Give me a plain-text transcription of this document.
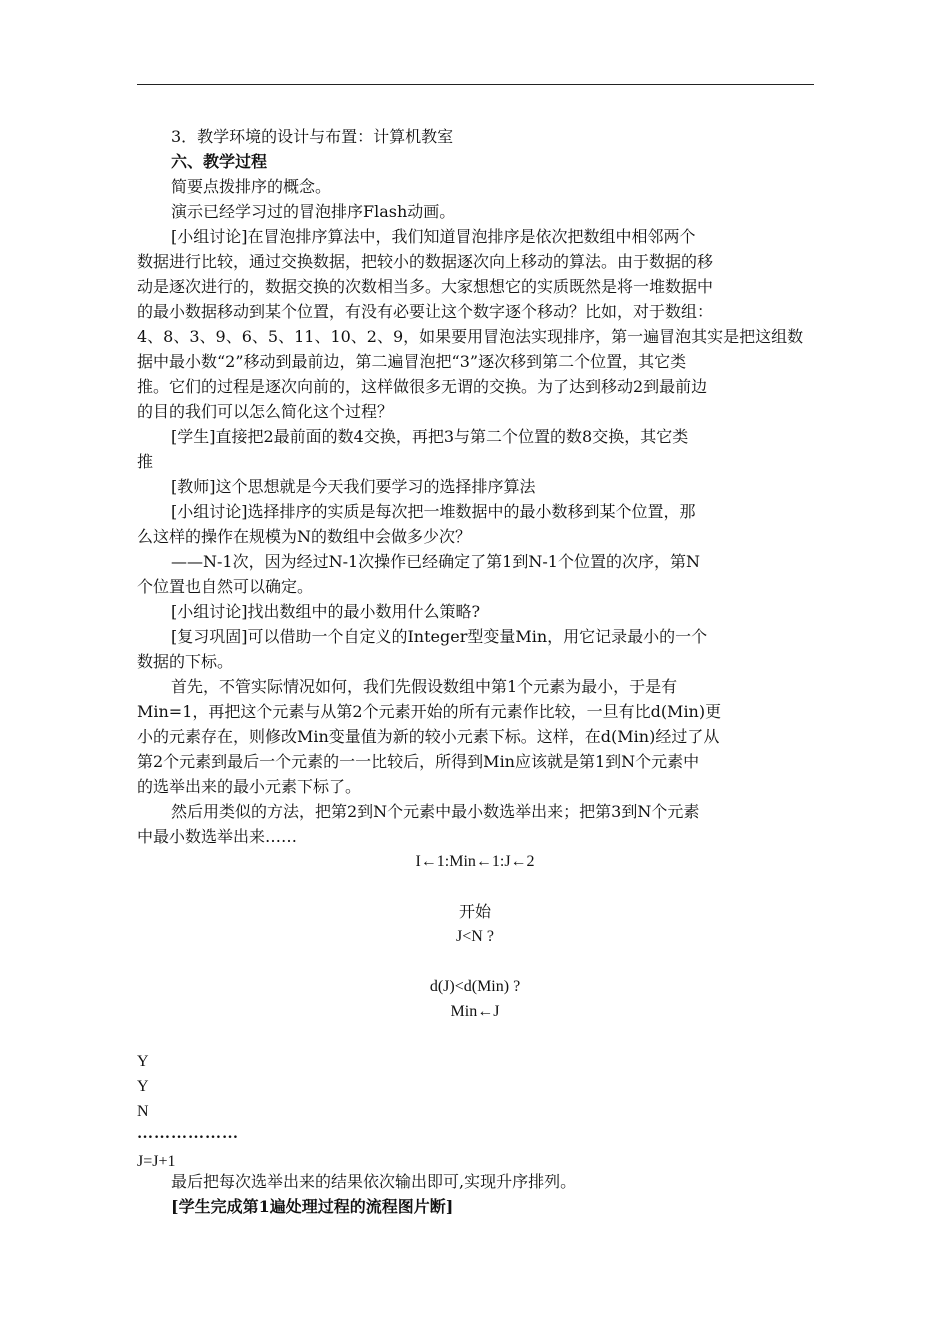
3．教学环境的设计与布置：计算机教室
六、教学过程
简要点拨排序的概念。
演示已经学习过的冒泡排序Flash动画。
[小组讨论]在冒泡排序算法中，我们知道冒泡排序是依次把数组中相邻两个
数据进行比较，通过交换数据，把较小的数据逐次向上移动的算法。由于数据的移
动是逐次进行的，数据交换的次数相当多。大家想想它的实质既然是将一堆数据中
的最小数据移动到某个位置，有没有必要让这个数字逐个移动？比如，对于数组：
4、8、3、9、6、5、11、10、2、9，如果要用冒泡法实现排序，第一遍冒泡其实是把这组数
据中最小数“2”移动到最前边，第二遍冒泡把“3”逐次移到第二个位置，其它类
推。它们的过程是逐次向前的，这样做很多无谓的交换。为了达到移动2到最前边
的目的我们可以怎么简化这个过程？
[学生]直接把2最前面的数4交换，再把3与第二个位置的数8交换，其它类
推
[教师]这个思想就是今天我们要学习的选择排序算法
[小组讨论]选择排序的实质是每次把一堆数据中的最小数移到某个位置，那
么这样的操作在规模为N的数组中会做多少次？
——N-1次，因为经过N-1次操作已经确定了第1到N-1个位置的次序，第N
个位置也自然可以确定。
[小组讨论]找出数组中的最小数用什么策略?
[复习巩固]可以借助一个自定义的Integer型变量Min，用它记录最小的一个
数据的下标。
首先，不管实际情况如何，我们先假设数组中第1个元素为最小，于是有
Min=1，再把这个元素与从第2个元素开始的所有元素作比较，一旦有比d(Min)更
小的元素存在，则修改Min变量值为新的较小元素下标。这样，在d(Min)经过了从
第2个元素到最后一个元素的一一比较后，所得到Min应该就是第1到N个元素中
的选举出来的最小元素下标了。
然后用类似的方法，把第2到N个元素中最小数选举出来；把第3到N个元素
中最小数选举出来……
I←1:Min←1:J←2
开始
J<N ?
d(J)<d(Min) ?
Min←J
Y
Y
N
………………
J=J+1
最后把每次选举出来的结果依次输出即可,实现升序排列。
[学生完成第1遍处理过程的流程图片断]
